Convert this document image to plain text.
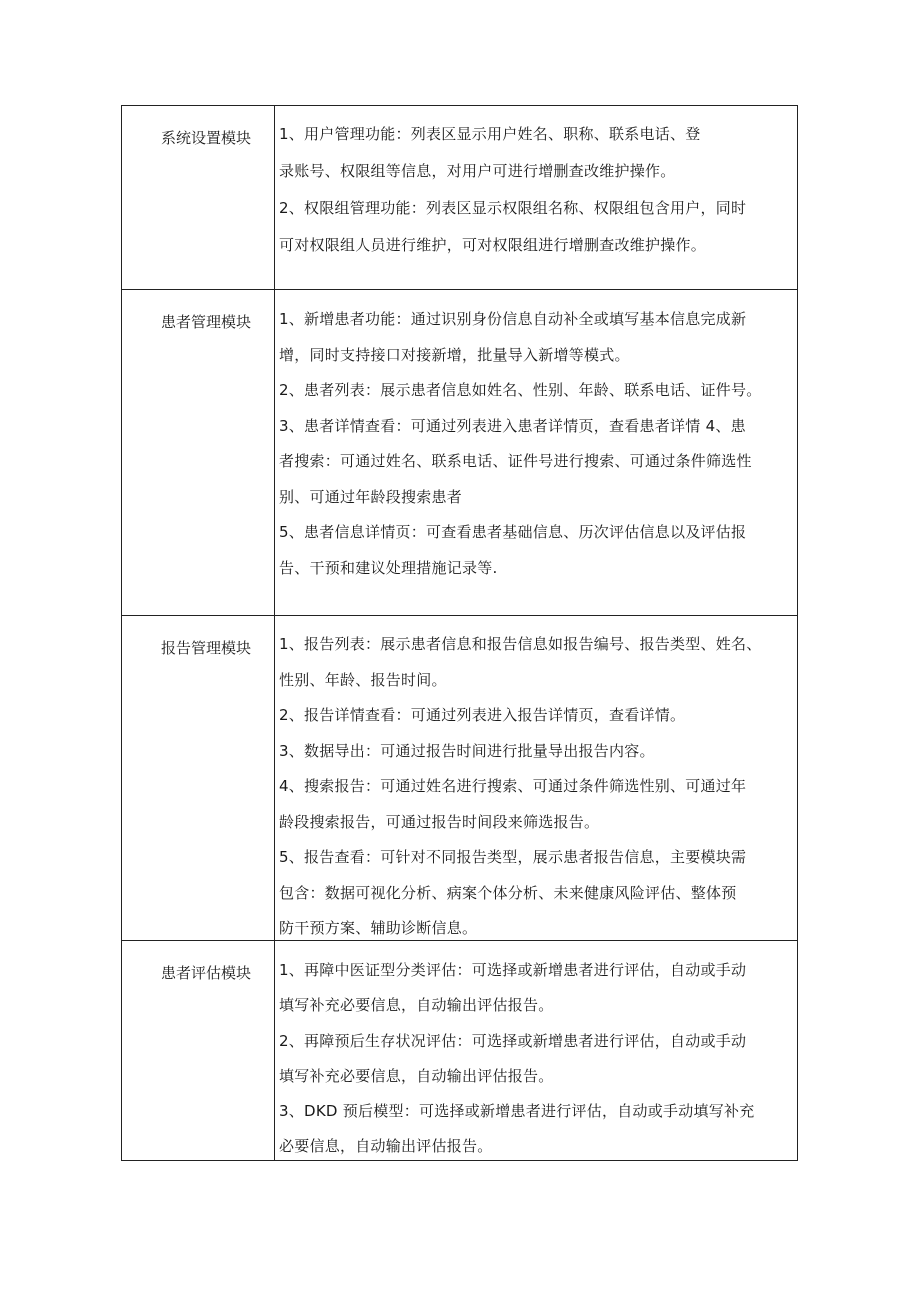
系统设置模块	1、用户管理功能：列表区显示用户姓名、职称、联系电话、登
录账号、权限组等信息，对用户可进行增删查改维护操作。

2、权限组管理功能：列表区显示权限组名称、权限组包含用户，同时
可对权限组人员进行维护，可对权限组进行增删查改维护操作。

患者管理模块	1、新增患者功能：通过识别身份信息自动补全或填写基本信息完成新
增，同时支持接口对接新增，批量导入新增等模式。

2、患者列表：展示患者信息如姓名、性别、年龄、联系电话、证件号。

3、患者详情查看：可通过列表进入患者详情页，查看患者详情 4、患
者搜索：可通过姓名、联系电话、证件号进行搜索、可通过条件筛选性
别、可通过年龄段搜索患者

5、患者信息详情页：可查看患者基础信息、历次评估信息以及评估报
告、干预和建议处理措施记录等.

报告管理模块	1、报告列表：展示患者信息和报告信息如报告编号、报告类型、姓名、
性别、年龄、报告时间。

2、报告详情查看：可通过列表进入报告详情页，查看详情。

3、数据导出：可通过报告时间进行批量导出报告内容。

4、搜索报告：可通过姓名进行搜索、可通过条件筛选性别、可通过年
龄段搜索报告，可通过报告时间段来筛选报告。

5、报告查看：可针对不同报告类型，展示患者报告信息，主要模块需
包含：数据可视化分析、病案个体分析、未来健康风险评估、整体预
防干预方案、辅助诊断信息。

患者评估模块	1、再障中医证型分类评估：可选择或新增患者进行评估，自动或手动
填写补充必要信息，自动输出评估报告。

2、再障预后生存状况评估：可选择或新增患者进行评估，自动或手动
填写补充必要信息，自动输出评估报告。

3、DKD 预后模型：可选择或新增患者进行评估，自动或手动填写补充
必要信息，自动输出评估报告。
